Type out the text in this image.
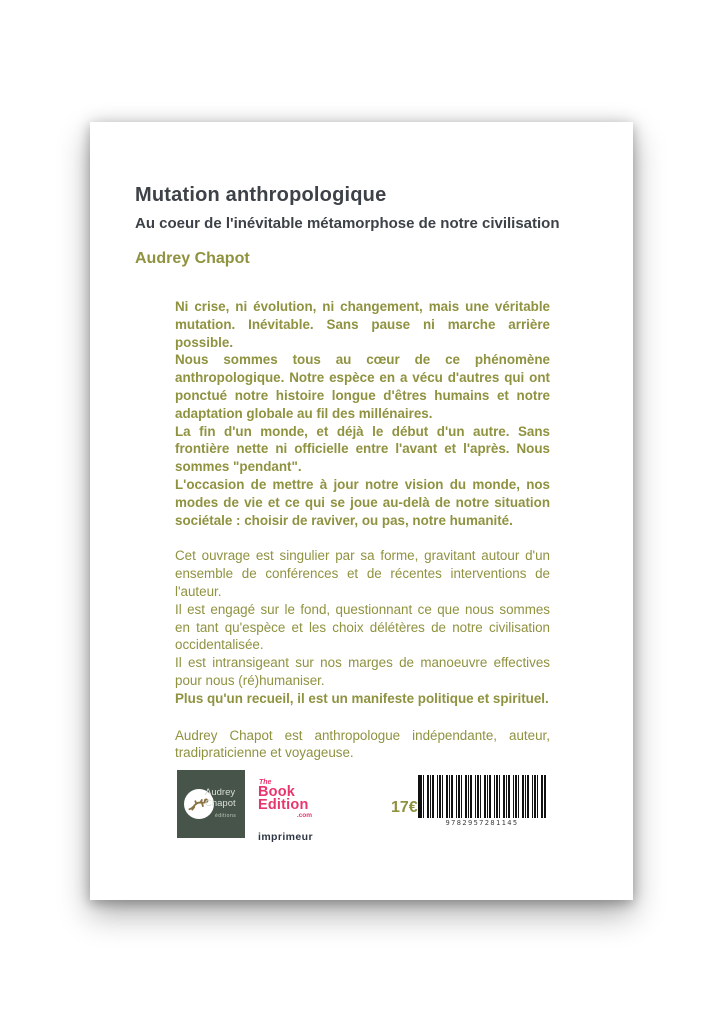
Mutation anthropologique
Au coeur de l'inévitable métamorphose de notre civilisation
Audrey Chapot

Ni crise, ni évolution, ni changement, mais une véritable mutation. Inévitable. Sans pause ni marche arrière possible.

Nous sommes tous au cœur de ce phénomène anthropologique. Notre espèce en a vécu d'autres qui ont ponctué notre histoire longue d'êtres humains et notre adaptation globale au fil des millénaires.

La fin d'un monde, et déjà le début d'un autre. Sans frontière nette ni officielle entre l'avant et l'après. Nous sommes "pendant".

L'occasion de mettre à jour notre vision du monde, nos modes de vie et ce qui se joue au-delà de notre situation sociétale : choisir de raviver, ou pas, notre humanité.

Cet ouvrage est singulier par sa forme, gravitant autour d'un ensemble de conférences et de récentes interventions de l'auteur.

Il est engagé sur le fond, questionnant ce que nous sommes en tant qu'espèce et les choix délétères de notre civilisation occidentalisée.

Il est intransigeant sur nos marges de manoeuvre effectives pour nous (ré)humaniser.

Plus qu'un recueil, il est un manifeste politique et spirituel.

Audrey Chapot est anthropologue indépendante, auteur, tradipraticienne et voyageuse.

Audrey
Chapot
éditions
The
Book
Edition
.com
imprimeur
17€
9782957281145
